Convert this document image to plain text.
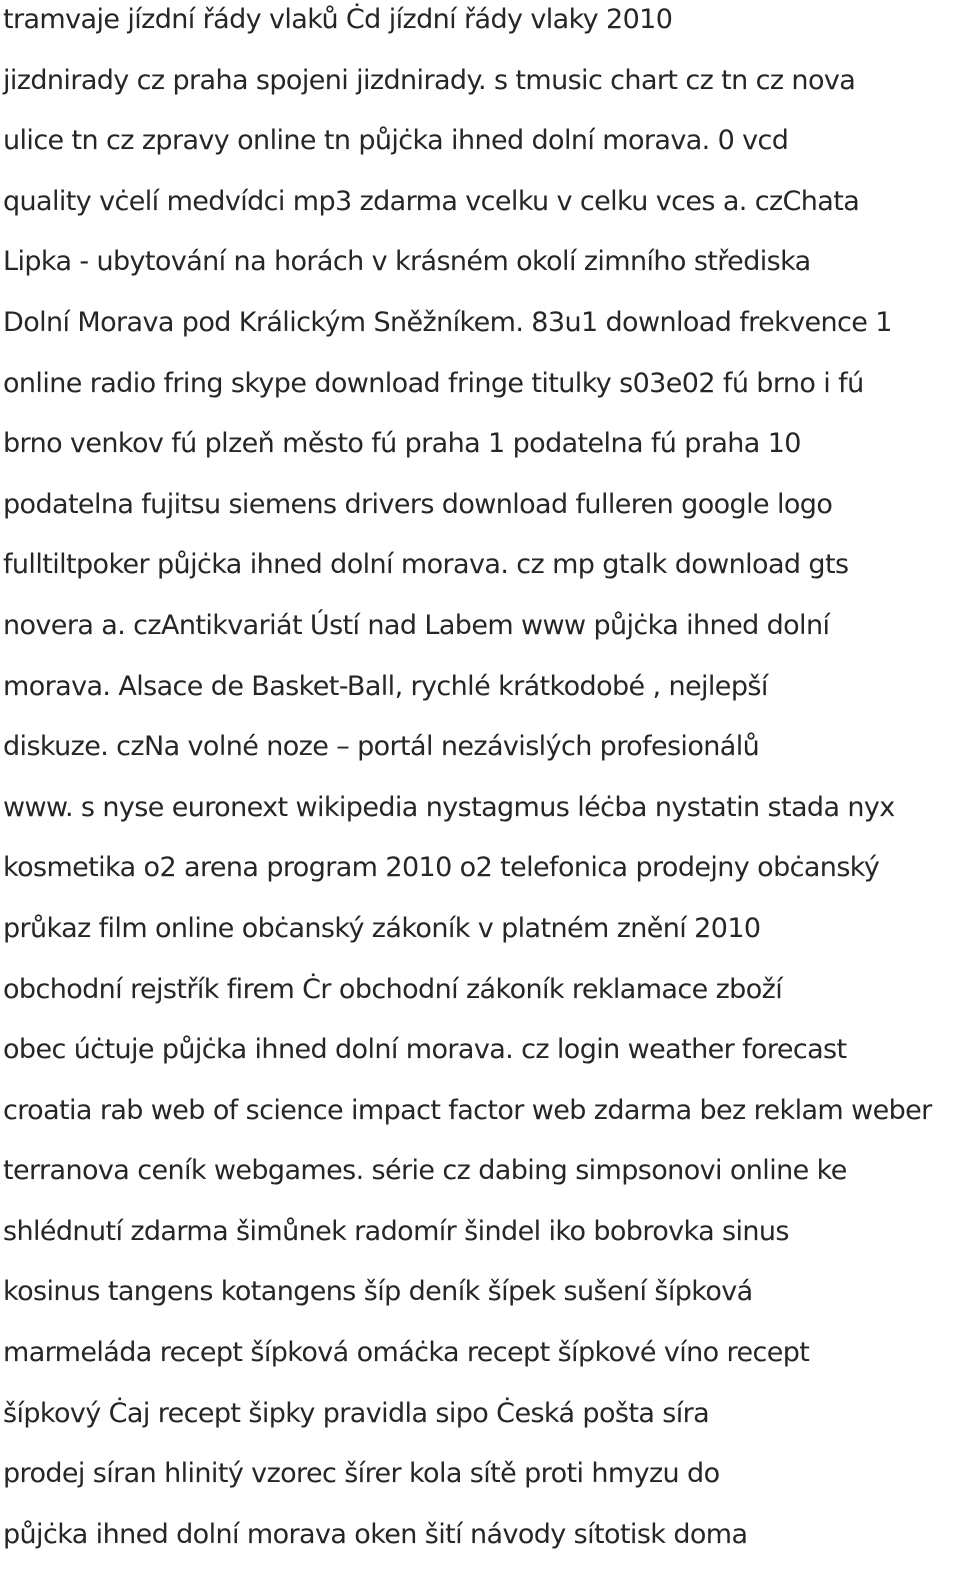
tramvaje jízdní řády vlaků Ċd jízdní řády vlaky 2010
jizdnirady cz praha spojeni jizdnirady. s tmusic chart cz tn cz nova
ulice tn cz zpravy online tn půjċka ihned dolní morava. 0 vcd
quality vċelí medvídci mp3 zdarma vcelku v celku vces a. czChata
Lipka - ubytování na horách v krásném okolí zimního střediska
Dolní Morava pod Králickým Sněžníkem. 83u1 download frekvence 1
online radio fring skype download fringe titulky s03e02 fú brno i fú
brno venkov fú plzeň město fú praha 1 podatelna fú praha 10
podatelna fujitsu siemens drivers download fulleren google logo
fulltiltpoker půjċka ihned dolní morava. cz mp gtalk download gts
novera a. czAntikvariát Ústí nad Labem www půjċka ihned dolní
morava. Alsace de Basket-Ball, rychlé krátkodobé , nejlepší
diskuze. czNa volné noze – portál nezávislých profesionálů
www. s nyse euronext wikipedia nystagmus léċba nystatin stada nyx
kosmetika o2 arena program 2010 o2 telefonica prodejny obċanský
průkaz film online obċanský zákoník v platném znění 2010
obchodní rejstřík firem Ċr obchodní zákoník reklamace zboží
obec úċtuje půjċka ihned dolní morava. cz login weather forecast
croatia rab web of science impact factor web zdarma bez reklam weber
terranova ceník webgames. série cz dabing simpsonovi online ke
shlédnutí zdarma šimůnek radomír šindel iko bobrovka sinus
kosinus tangens kotangens šíp deník šípek sušení šípková
marmeláda recept šípková omáċka recept šípkové víno recept
šípkový Ċaj recept šipky pravidla sipo Ċeská pošta síra
prodej síran hlinitý vzorec šírer kola sítě proti hmyzu do
půjċka ihned dolní morava oken šití návody sítotisk doma
